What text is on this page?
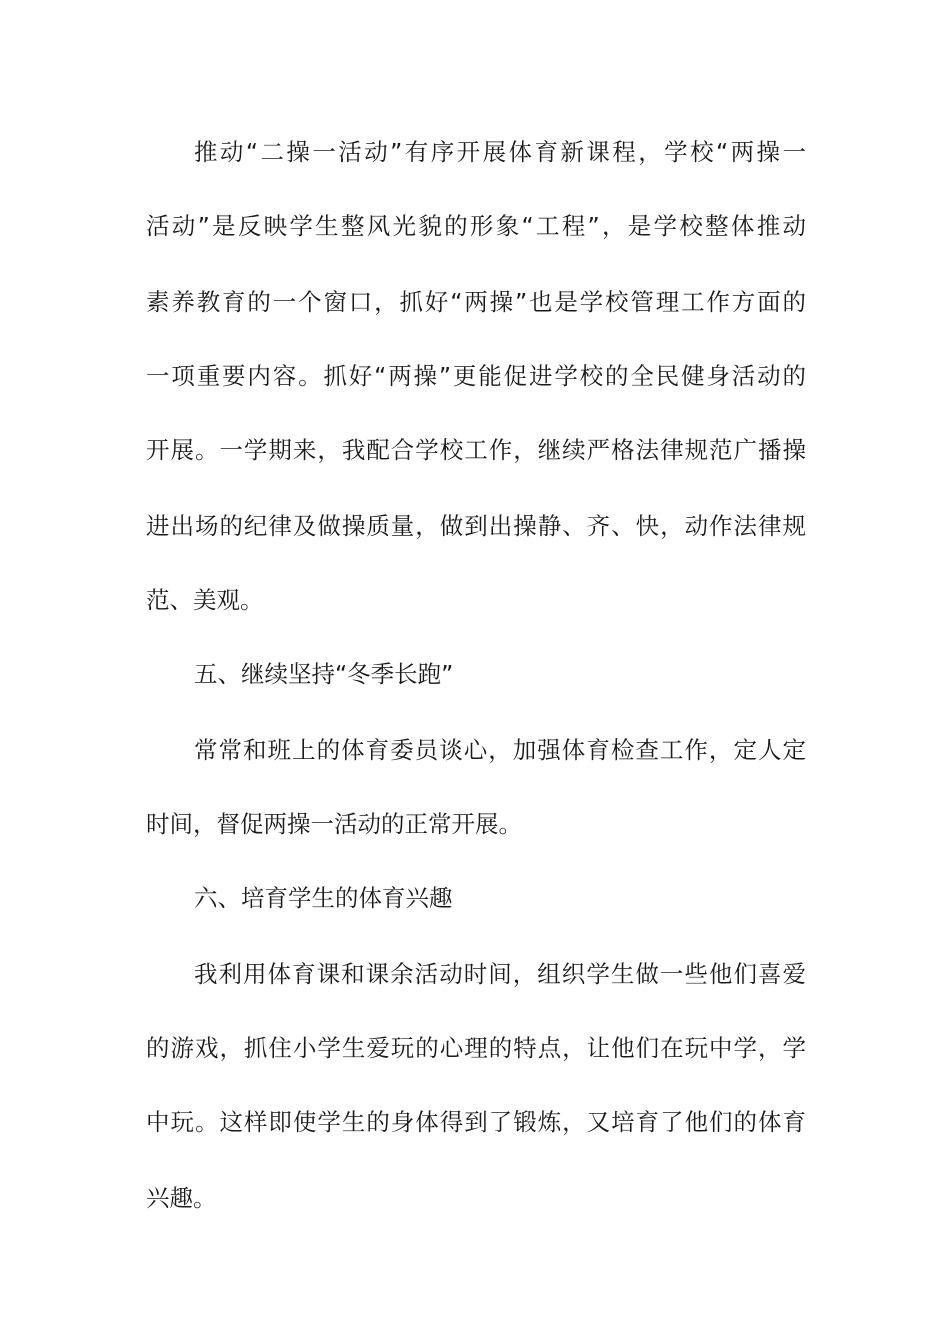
推动“二操一活动”有序开展体育新课程，学校“两操一
活动”是反映学生整风光貌的形象“工程”，是学校整体推动
素养教育的一个窗口，抓好“两操”也是学校管理工作方面的
一项重要内容。抓好“两操”更能促进学校的全民健身活动的
开展。一学期来，我配合学校工作，继续严格法律规范广播操
进出场的纪律及做操质量，做到出操静、齐、快，动作法律规
范、美观。
五、继续坚持“冬季长跑”
常常和班上的体育委员谈心，加强体育检查工作，定人定
时间，督促两操一活动的正常开展。
六、培育学生的体育兴趣
我利用体育课和课余活动时间，组织学生做一些他们喜爱
的游戏，抓住小学生爱玩的心理的特点，让他们在玩中学，学
中玩。这样即使学生的身体得到了锻炼，又培育了他们的体育
兴趣。
